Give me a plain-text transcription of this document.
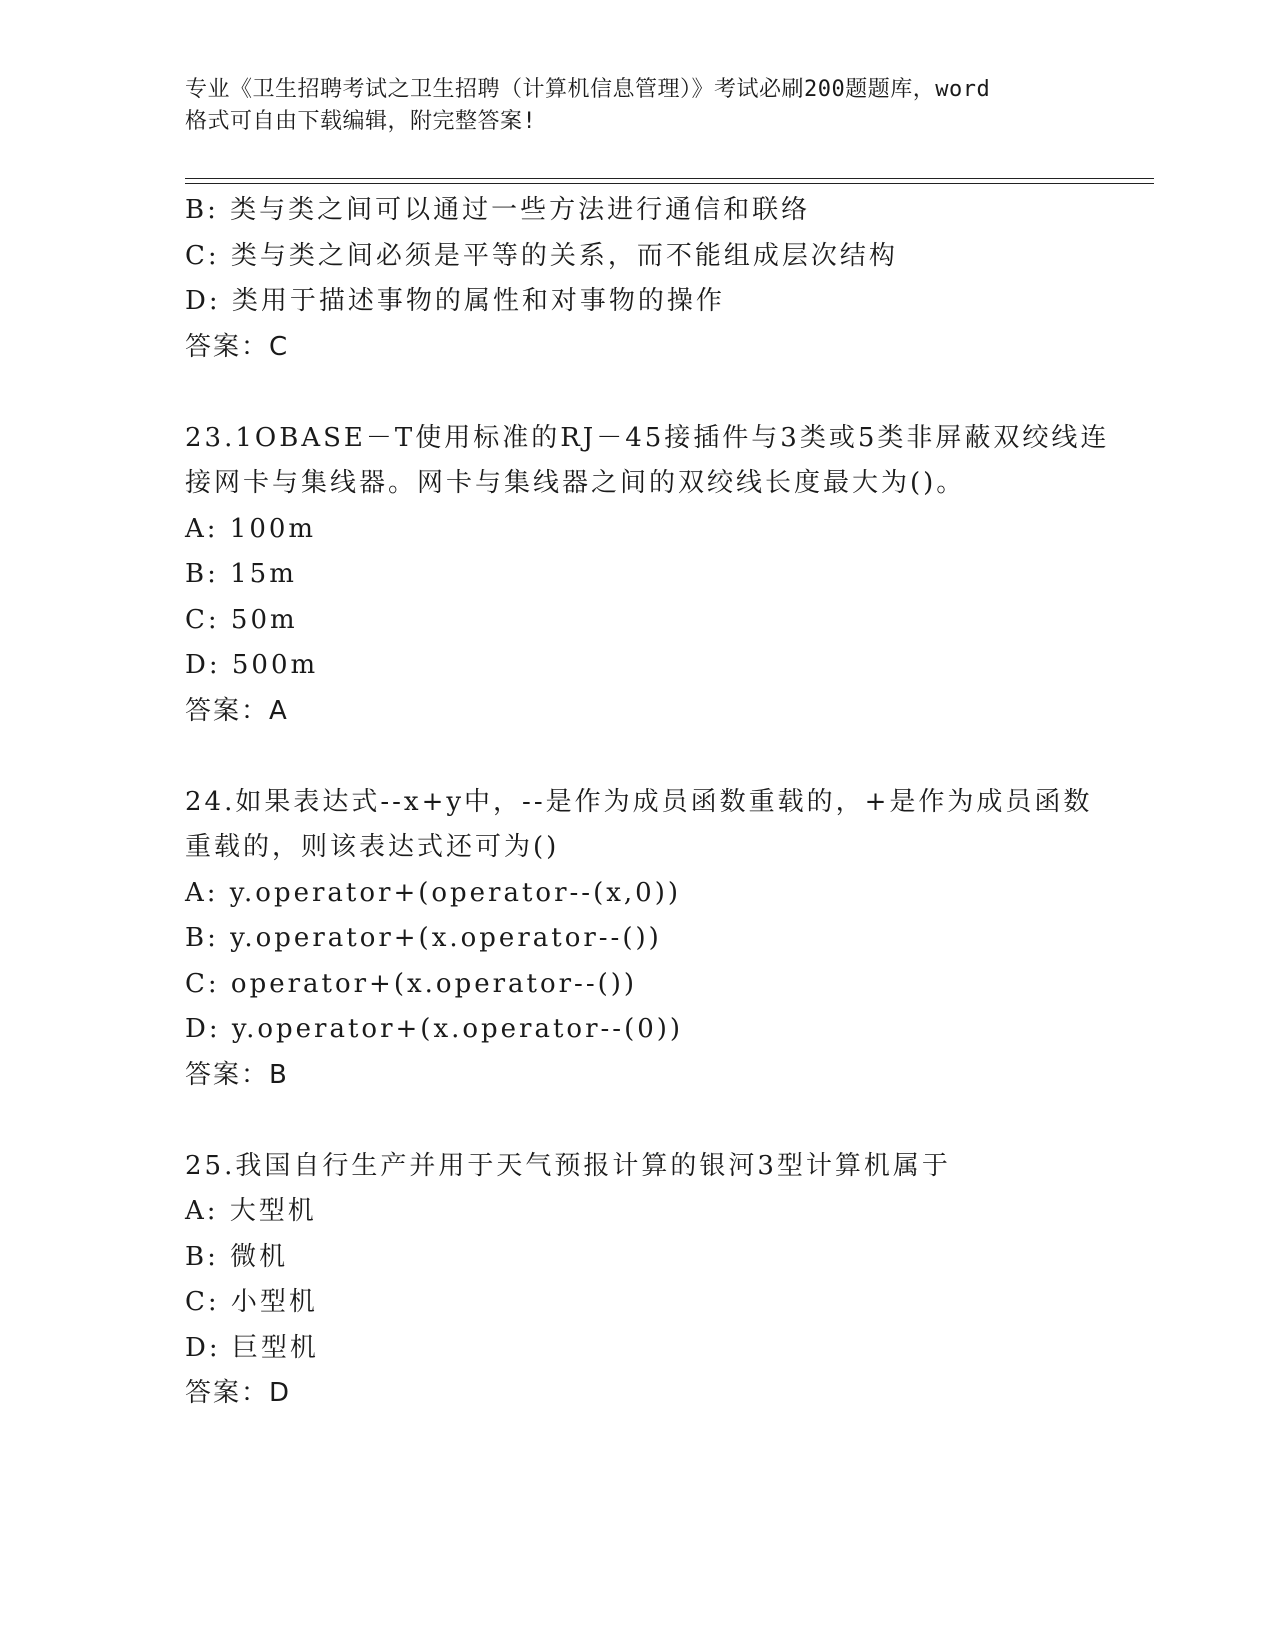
专业《卫生招聘考试之卫生招聘（计算机信息管理）》考试必刷200题题库，word
格式可自由下载编辑，附完整答案!
B: 类与类之间可以通过一些方法进行通信和联络
C: 类与类之间必须是平等的关系，而不能组成层次结构
D: 类用于描述事物的属性和对事物的操作
答案：C
23.1OBASE－T使用标准的RJ－45接插件与3类或5类非屏蔽双绞线连
接网卡与集线器。网卡与集线器之间的双绞线长度最大为()。
A: 100m
B: 15m
C: 50m
D: 500m
答案：A
24.如果表达式--x+y中，--是作为成员函数重载的，+是作为成员函数
重载的，则该表达式还可为()
A: y.operator+(operator--(x,0))
B: y.operator+(x.operator--())
C: operator+(x.operator--())
D: y.operator+(x.operator--(0))
答案：B
25.我国自行生产并用于天气预报计算的银河3型计算机属于
A: 大型机
B: 微机
C: 小型机
D: 巨型机
答案：D
